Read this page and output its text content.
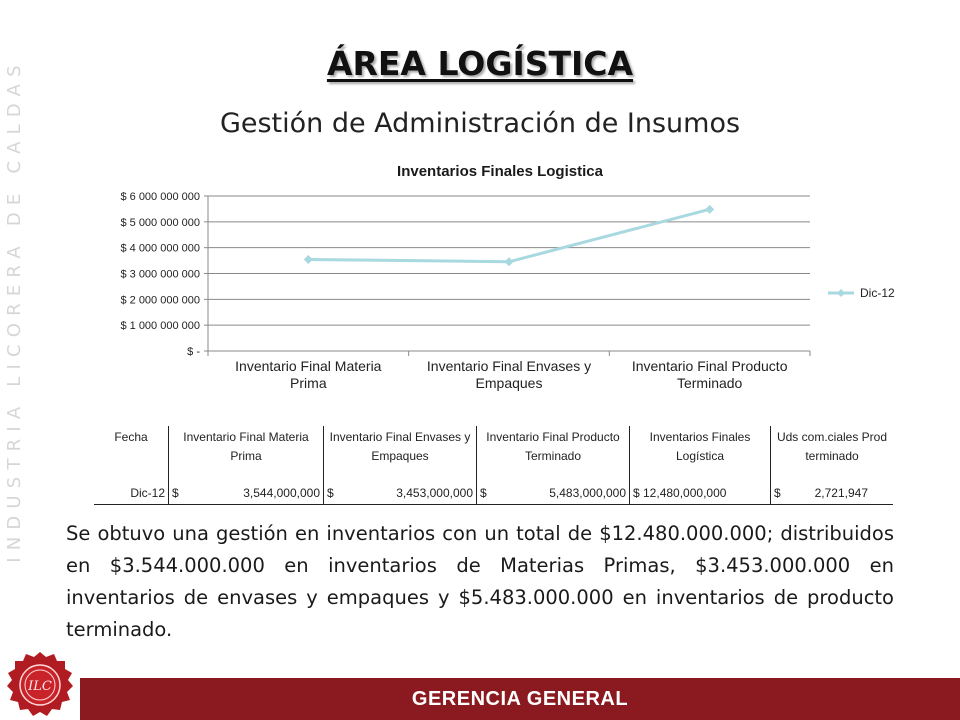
INDUSTRIA LICORERA DE CALDAS	ÁREA LOGÍSTICA
Gestión de Administración de Insumos
Inventarios Finales Logistica
$ -
$ 1 000 000 000
$ 2 000 000 000
$ 3 000 000 000
$ 4 000 000 000
$ 5 000 000 000
$ 6 000 000 000
Inventario Final Materia Prima
Inventario Final Envases y Empaques
Inventario Final Producto Terminado
Dic-12
Fecha	Inventario Final Materia Prima	Inventario Final Envases y Empaques	Inventario Final Producto Terminado	Inventarios Finales Logística	Uds com.ciales Prod terminado
Dic-12	$ 3,544,000,000	$ 3,453,000,000	$ 5,483,000,000	$ 12,480,000,000	$ 2,721,947
Se obtuvo una gestión en inventarios con un total de $12.480.000.000; distribuidos en $3.544.000.000 en inventarios de Materias Primas, $3.453.000.000 en inventarios de envases y empaques y $5.483.000.000 en inventarios de producto terminado.
ILC
GERENCIA GENERAL
